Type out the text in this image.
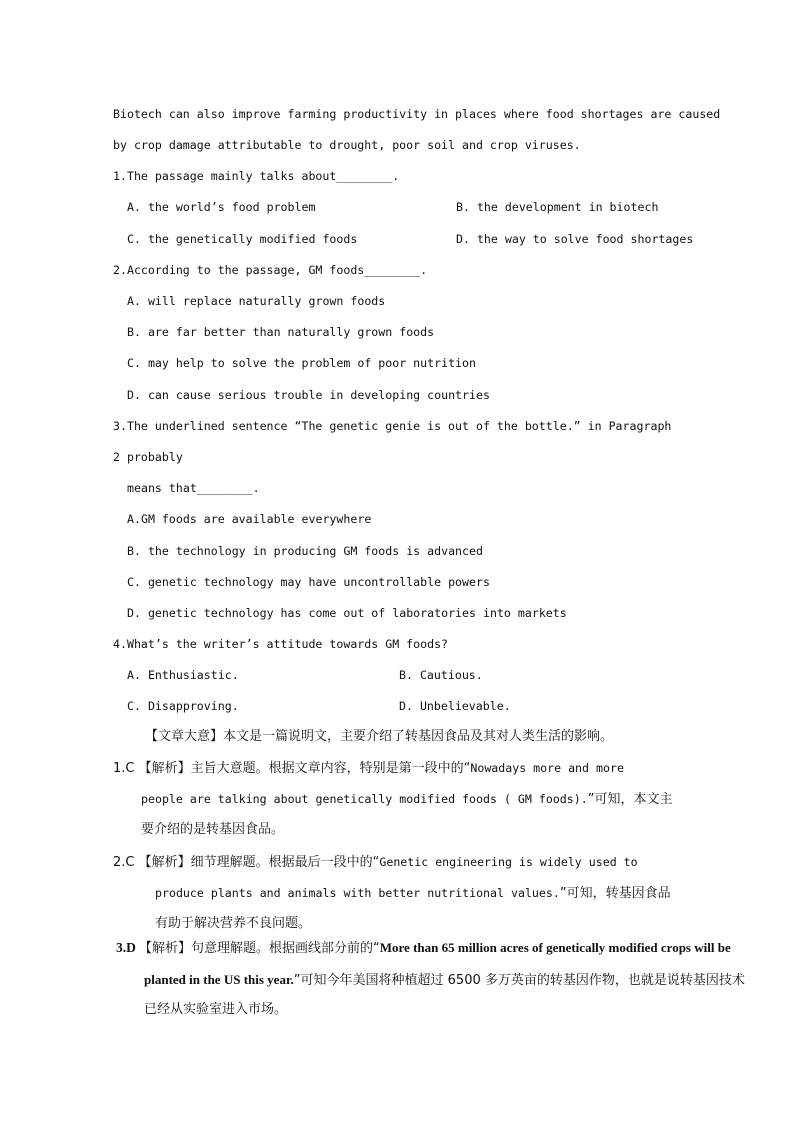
Biotech can also improve farming productivity in places where food shortages are caused
by crop damage attributable to drought, poor soil and crop viruses.
1.The passage mainly talks about________.
A. the world’s food problem	B. the development in biotech
C. the genetically modified foods	D. the way to solve food shortages
2.According to the passage, GM foods________.
A. will replace naturally grown foods
B. are far better than naturally grown foods
C. may help to solve the problem of poor nutrition
D. can cause serious trouble in developing countries
3.The underlined sentence “The genetic genie is out of the bottle.” in Paragraph
2 probably
means that________.
A.GM foods are available everywhere
B. the technology in producing GM foods is advanced
C. genetic technology may have uncontrollable powers
D. genetic technology has come out of laboratories into markets
4.What’s the writer’s attitude towards GM foods?
A. Enthusiastic.	B. Cautious.
C. Disapproving.	D. Unbelievable.
【文章大意】本文是一篇说明文，主要介绍了转基因食品及其对人类生活的影响。
1.C 【解析】主旨大意题。根据文章内容，特别是第一段中的“Nowadays more and more
people are talking about genetically modified foods ( GM foods).”可知，本文主
要介绍的是转基因食品。
2.C 【解析】细节理解题。根据最后一段中的“Genetic engineering is widely used to
produce plants and animals with better nutritional values.”可知，转基因食品
有助于解决营养不良问题。
3.D 【解析】句意理解题。根据画线部分前的“More than 65 million acres of genetically modified crops will be
planted in the US this year.”可知今年美国将种植超过 6500 多万英亩的转基因作物，也就是说转基因技术
已经从实验室进入市场。
